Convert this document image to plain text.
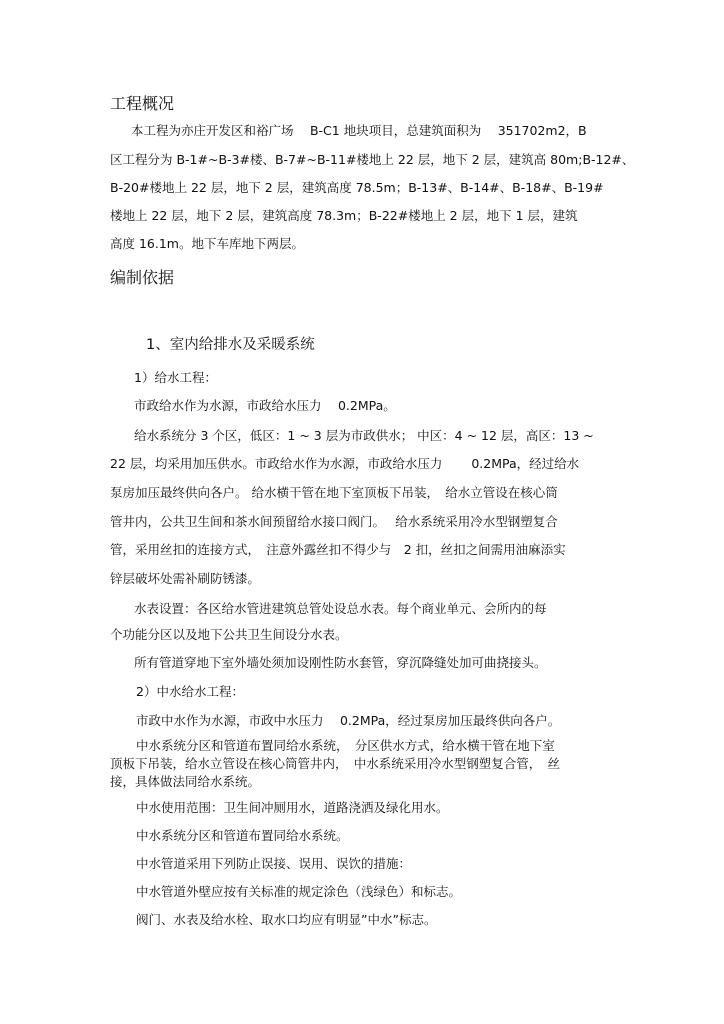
工程概况
本工程为亦庄开发区和裕广场　 B-C1 地块项目，总建筑面积为　 351702m2，B
区工程分为 B-1#~B-3#楼、B-7#~B-11#楼地上 22 层，地下 2 层，建筑高 80m;B-12#、
B-20#楼地上 22 层，地下 2 层，建筑高度 78.5m；B-13#、B-14#、B-18#、B-19#
楼地上 22 层，地下 2 层，建筑高度 78.3m；B-22#楼地上 2 层，地下 1 层，建筑
高度 16.1m。地下车库地下两层。
编制依据
1、室内给排水及采暖系统
1）给水工程：
市政给水作为水源，市政给水压力　 0.2MPa。
给水系统分 3 个区，低区：1 ~ 3 层为市政供水； 中区：4 ~ 12 层，高区：13 ~
22 层，均采用加压供水。市政给水作为水源，市政给水压力　 　0.2MPa，经过给水
泵房加压最终供向各户。 给水横干管在地下室顶板下吊装，　给水立管设在核心筒
管井内，公共卫生间和茶水间预留给水接口阀门。　 给水系统采用冷水型钢塑复合
管，采用丝扣的连接方式，　注意外露丝扣不得少与　2 扣，丝扣之间需用油麻添实
锌层破坏处需补刷防锈漆。
水表设置：各区给水管进建筑总管处设总水表。每个商业单元、会所内的每
个功能分区以及地下公共卫生间设分水表。
所有管道穿地下室外墙处须加设刚性防水套管，穿沉降缝处加可曲挠接头。
2）中水给水工程：
市政中水作为水源，市政中水压力　 0.2MPa，经过泵房加压最终供向各户。
中水系统分区和管道布置同给水系统，　分区供水方式，给水横干管在地下室
顶板下吊装，给水立管设在核心筒管井内，　中水系统采用冷水型钢塑复合管，　丝
接，具体做法同给水系统。
中水使用范围：卫生间冲厕用水，道路浇洒及绿化用水。
中水系统分区和管道布置同给水系统。
中水管道采用下列防止误接、误用、误饮的措施：
中水管道外壁应按有关标准的规定涂色（浅绿色）和标志。
阀门、水表及给水栓、取水口均应有明显”中水”标志。
